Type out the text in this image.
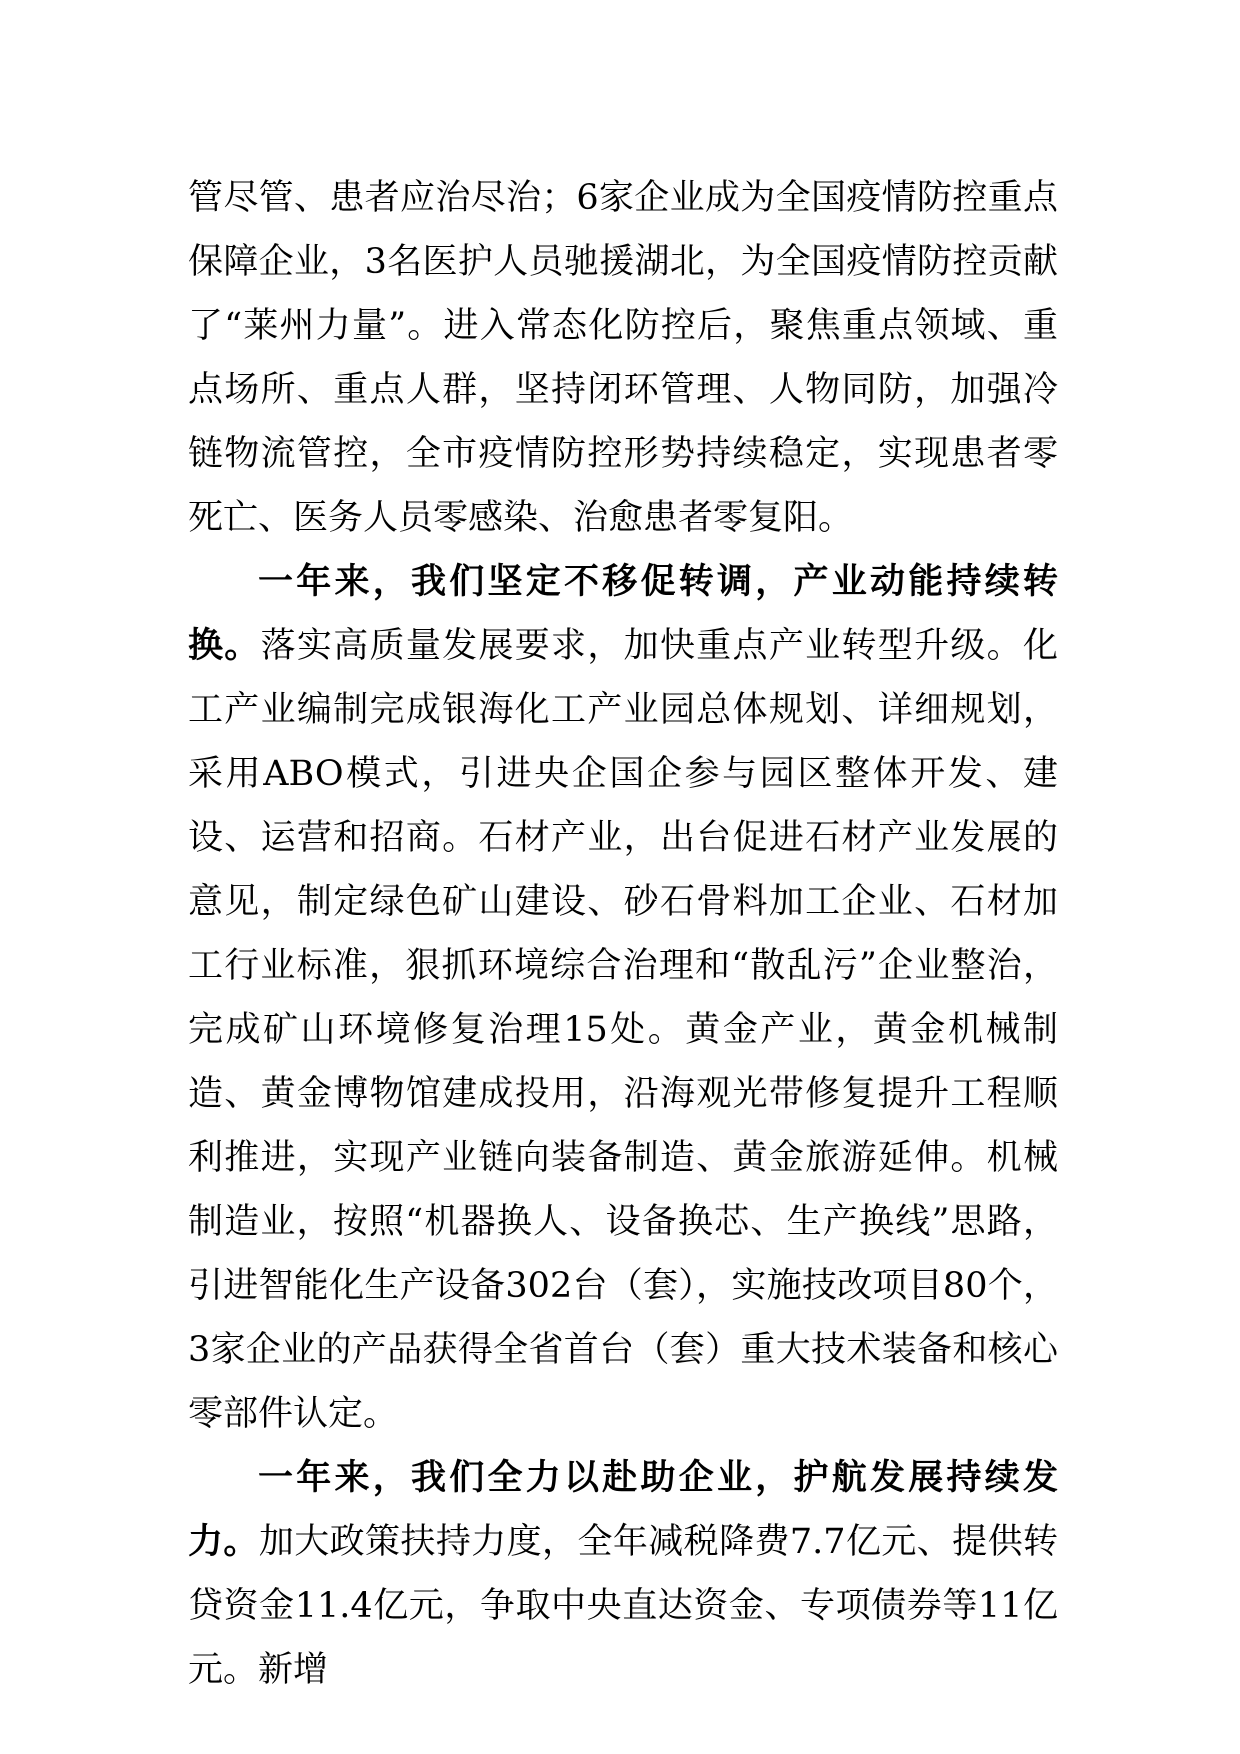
管尽管、患者应治尽治；6家企业成为全国疫情防控重点保障企业，3名医护人员驰援湖北，为全国疫情防控贡献了“莱州力量”。进入常态化防控后，聚焦重点领域、重点场所、重点人群，坚持闭环管理、人物同防，加强冷链物流管控，全市疫情防控形势持续稳定，实现患者零死亡、医务人员零感染、治愈患者零复阳。

一年来，我们坚定不移促转调，产业动能持续转换。落实高质量发展要求，加快重点产业转型升级。化工产业编制完成银海化工产业园总体规划、详细规划，采用ABO模式，引进央企国企参与园区整体开发、建设、运营和招商。石材产业，出台促进石材产业发展的意见，制定绿色矿山建设、砂石骨料加工企业、石材加工行业标准，狠抓环境综合治理和“散乱污”企业整治，完成矿山环境修复治理15处。黄金产业，黄金机械制造、黄金博物馆建成投用，沿海观光带修复提升工程顺利推进，实现产业链向装备制造、黄金旅游延伸。机械制造业，按照“机器换人、设备换芯、生产换线”思路，引进智能化生产设备302台（套），实施技改项目80个，3家企业的产品获得全省首台（套）重大技术装备和核心零部件认定。

一年来，我们全力以赴助企业，护航发展持续发力。加大政策扶持力度，全年减税降费7.7亿元、提供转贷资金11.4亿元，争取中央直达资金、专项债券等11亿元。新增
